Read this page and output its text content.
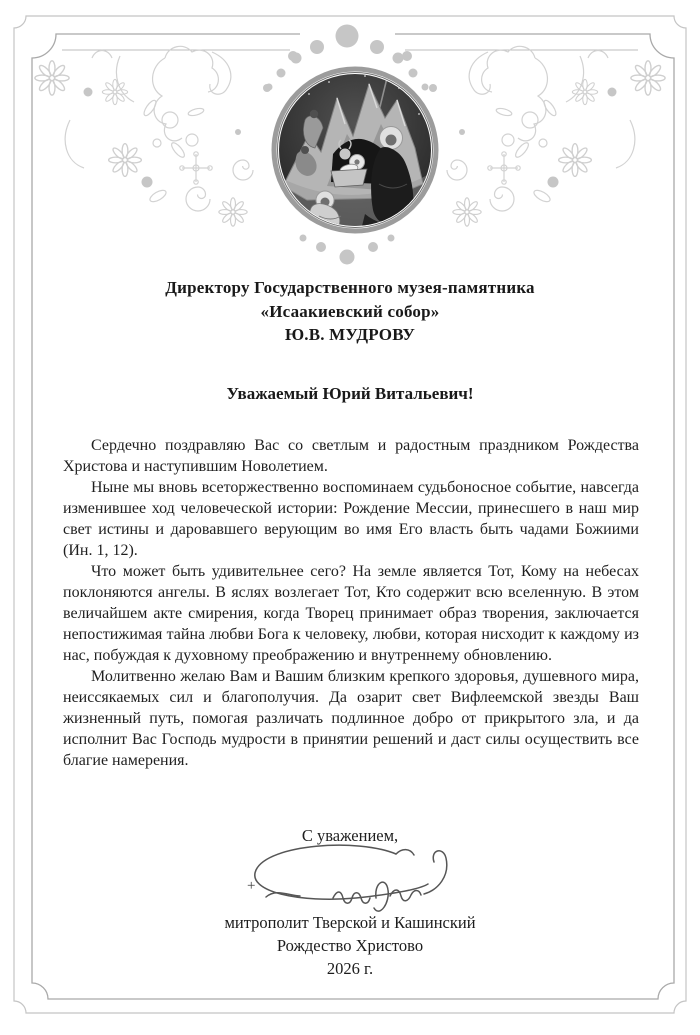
Директору Государственного музея-памятника
«Исаакиевский собор»
Ю.В. МУДРОВУ
Уважаемый Юрий Витальевич!

Сердечно поздравляю Вас со светлым и радостным праздником Рождества Христова и наступившим Новолетием.

Ныне мы вновь всеторжественно воспоминаем судьбоносное событие, навсегда изменившее ход человеческой истории: Рождение Мессии, принесшего в наш мир свет истины и даровавшего верующим во имя Его власть быть чадами Божиими (Ин. 1, 12).

Что может быть удивительнее сего? На земле является Тот, Кому на небесах поклоняются ангелы. В яслях возлегает Тот, Кто содержит всю вселенную. В этом величайшем акте смирения, когда Творец принимает образ творения, заключается непостижимая тайна любви Бога к человеку, любви, которая нисходит к каждому из нас, побуждая к духовному преображению и внутреннему обновлению.

Молитвенно желаю Вам и Вашим близким крепкого здоровья, душевного мира, неиссякаемых сил и благополучия. Да озарит свет Вифлеемской звезды Ваш жизненный путь, помогая различать подлинное добро от прикрытого зла, и да исполнит Вас Господь мудрости в принятии решений и даст силы осуществить все благие намерения.

С уважением,
+
митрополит Тверской и Кашинский
Рождество Христово
2026 г.
